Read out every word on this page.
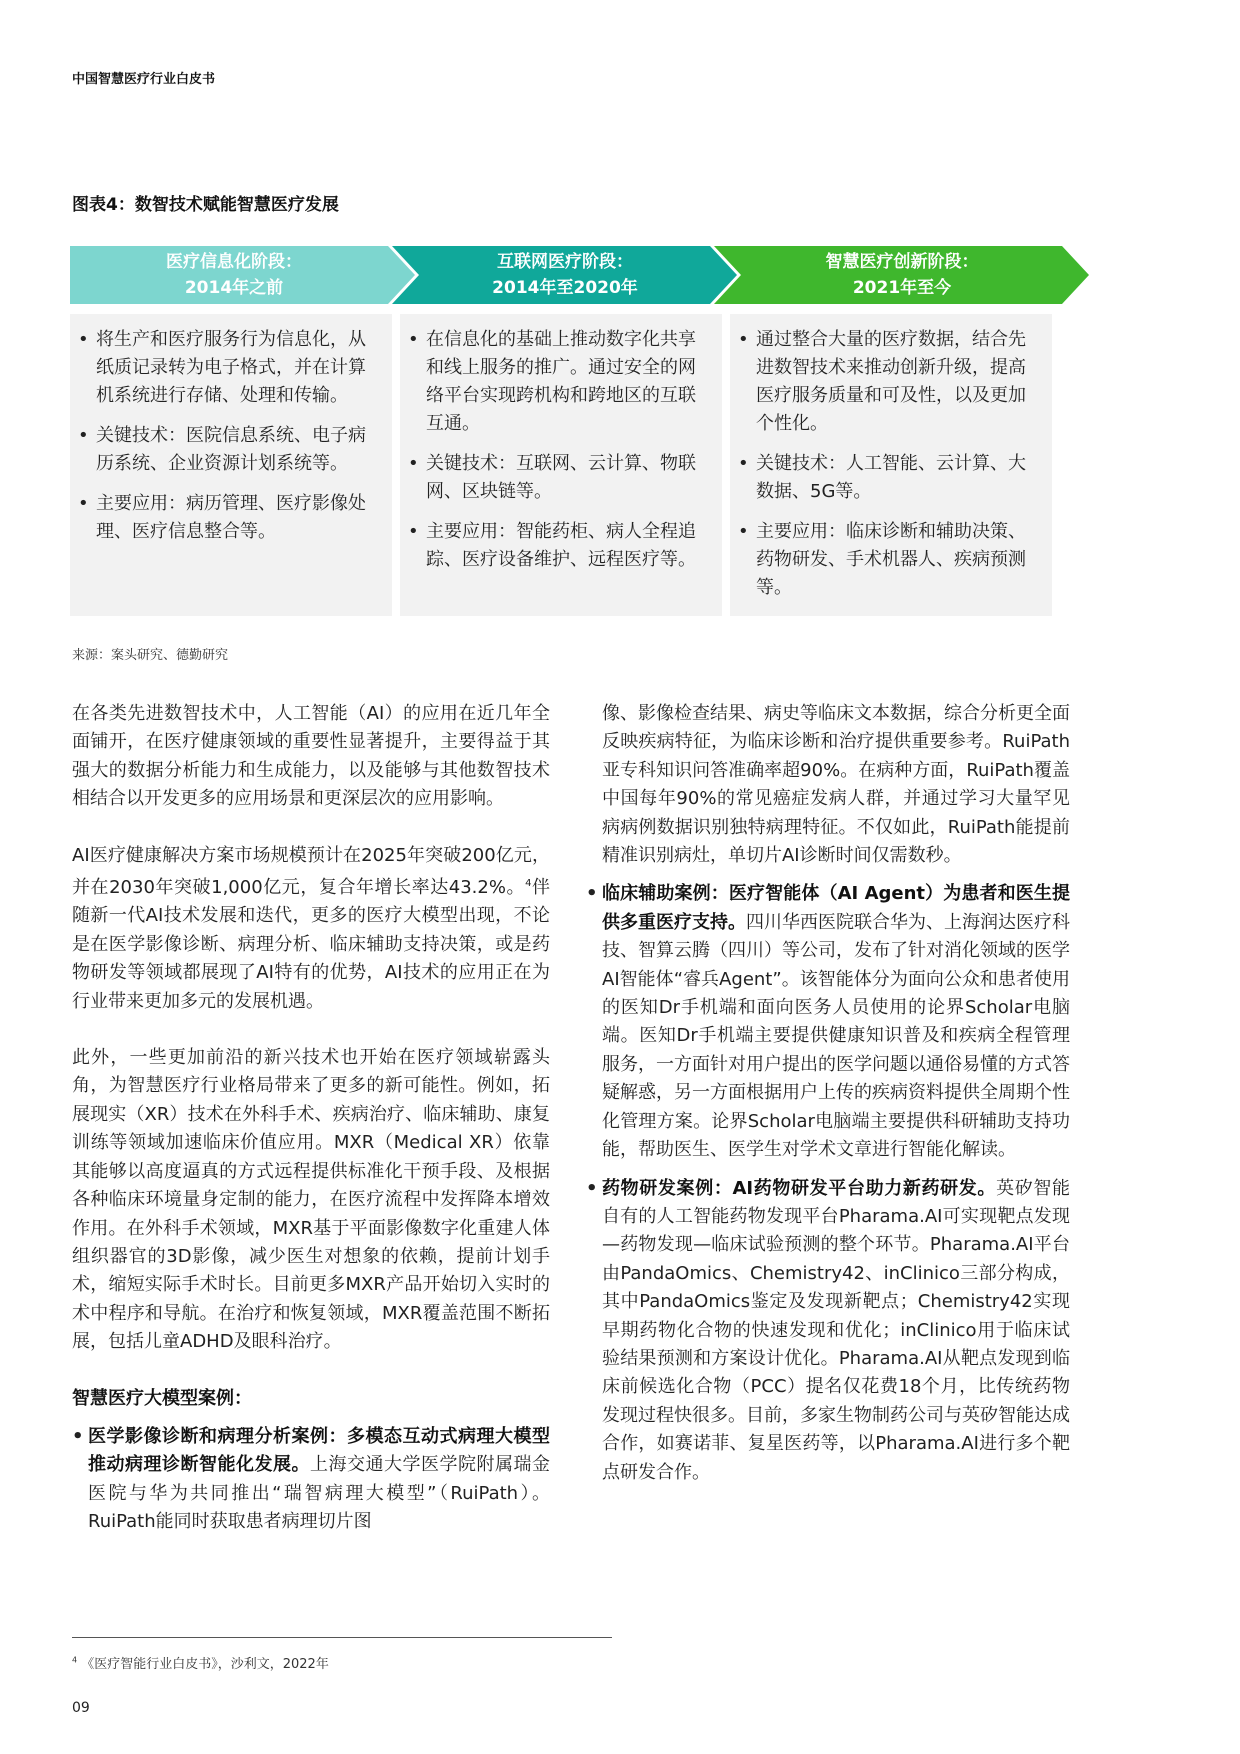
中国智慧医疗行业白皮书
图表4：数智技术赋能智慧医疗发展
医疗信息化阶段：
2014年之前
互联网医疗阶段：
2014年至2020年
智慧医疗创新阶段：
2021年至今
• 将生产和医疗服务行为信息化，从纸质记录转为电子格式，并在计算机系统进行存储、处理和传输。
• 关键技术：医院信息系统、电子病历系统、企业资源计划系统等。
• 主要应用：病历管理、医疗影像处理、医疗信息整合等。
• 在信息化的基础上推动数字化共享和线上服务的推广。通过安全的网络平台实现跨机构和跨地区的互联互通。
• 关键技术：互联网、云计算、物联网、区块链等。
• 主要应用：智能药柜、病人全程追踪、医疗设备维护、远程医疗等。
• 通过整合大量的医疗数据，结合先进数智技术来推动创新升级，提高医疗服务质量和可及性，以及更加个性化。
• 关键技术：人工智能、云计算、大数据、5G等。
• 主要应用：临床诊断和辅助决策、药物研发、手术机器人、疾病预测等。
来源：案头研究、德勤研究

在各类先进数智技术中，人工智能（AI）的应用在近几年全面铺开，在医疗健康领域的重要性显著提升，主要得益于其强大的数据分析能力和生成能力，以及能够与其他数智技术相结合以开发更多的应用场景和更深层次的应用影响。

AI医疗健康解决方案市场规模预计在2025年突破200亿元，并在2030年突破1,000亿元，复合年增长率达43.2%。$^4$伴随新一代AI技术发展和迭代，更多的医疗大模型出现，不论是在医学影像诊断、病理分析、临床辅助支持决策，或是药物研发等领域都展现了AI特有的优势，AI技术的应用正在为行业带来更加多元的发展机遇。

此外，一些更加前沿的新兴技术也开始在医疗领域崭露头角，为智慧医疗行业格局带来了更多的新可能性。例如，拓展现实（XR）技术在外科手术、疾病治疗、临床辅助、康复训练等领域加速临床价值应用。MXR（Medical XR）依靠其能够以高度逼真的方式远程提供标准化干预手段、及根据各种临床环境量身定制的能力，在医疗流程中发挥降本增效作用。在外科手术领域，MXR基于平面影像数字化重建人体组织器官的3D影像，减少医生对想象的依赖，提前计划手术，缩短实际手术时长。目前更多MXR产品开始切入实时的术中程序和导航。在治疗和恢复领域，MXR覆盖范围不断拓展，包括儿童ADHD及眼科治疗。

智慧医疗大模型案例：
• 医学影像诊断和病理分析案例：多模态互动式病理大模型推动病理诊断智能化发展。上海交通大学医学院附属瑞金医院与华为共同推出“瑞智病理大模型”（RuiPath）。RuiPath能同时获取患者病理切片图
像、影像检查结果、病史等临床文本数据，综合分析更全面反映疾病特征，为临床诊断和治疗提供重要参考。RuiPath亚专科知识问答准确率超90%。在病种方面，RuiPath覆盖中国每年90%的常见癌症发病人群，并通过学习大量罕见病病例数据识别独特病理特征。不仅如此，RuiPath能提前精准识别病灶，单切片AI诊断时间仅需数秒。
• 临床辅助案例：医疗智能体（AI Agent）为患者和医生提供多重医疗支持。四川华西医院联合华为、上海润达医疗科技、智算云腾（四川）等公司，发布了针对消化领域的医学AI智能体“睿兵Agent”。该智能体分为面向公众和患者使用的医知Dr手机端和面向医务人员使用的论界Scholar电脑端。医知Dr手机端主要提供健康知识普及和疾病全程管理服务，一方面针对用户提出的医学问题以通俗易懂的方式答疑解惑，另一方面根据用户上传的疾病资料提供全周期个性化管理方案。论界Scholar电脑端主要提供科研辅助支持功能，帮助医生、医学生对学术文章进行智能化解读。
• 药物研发案例：AI药物研发平台助力新药研发。英矽智能自有的人工智能药物发现平台Pharama.AI可实现靶点发现—药物发现—临床试验预测的整个环节。Pharama.AI平台由PandaOmics、Chemistry42、inClinico三部分构成，其中PandaOmics鉴定及发现新靶点；Chemistry42实现早期药物化合物的快速发现和优化；inClinico用于临床试验结果预测和方案设计优化。Pharama.AI从靶点发现到临床前候选化合物（PCC）提名仅花费18个月，比传统药物发现过程快很多。目前，多家生物制药公司与英矽智能达成合作，如赛诺菲、复星医药等，以Pharama.AI进行多个靶点研发合作。
$^4$ 《医疗智能行业白皮书》，沙利文，2022年
09
